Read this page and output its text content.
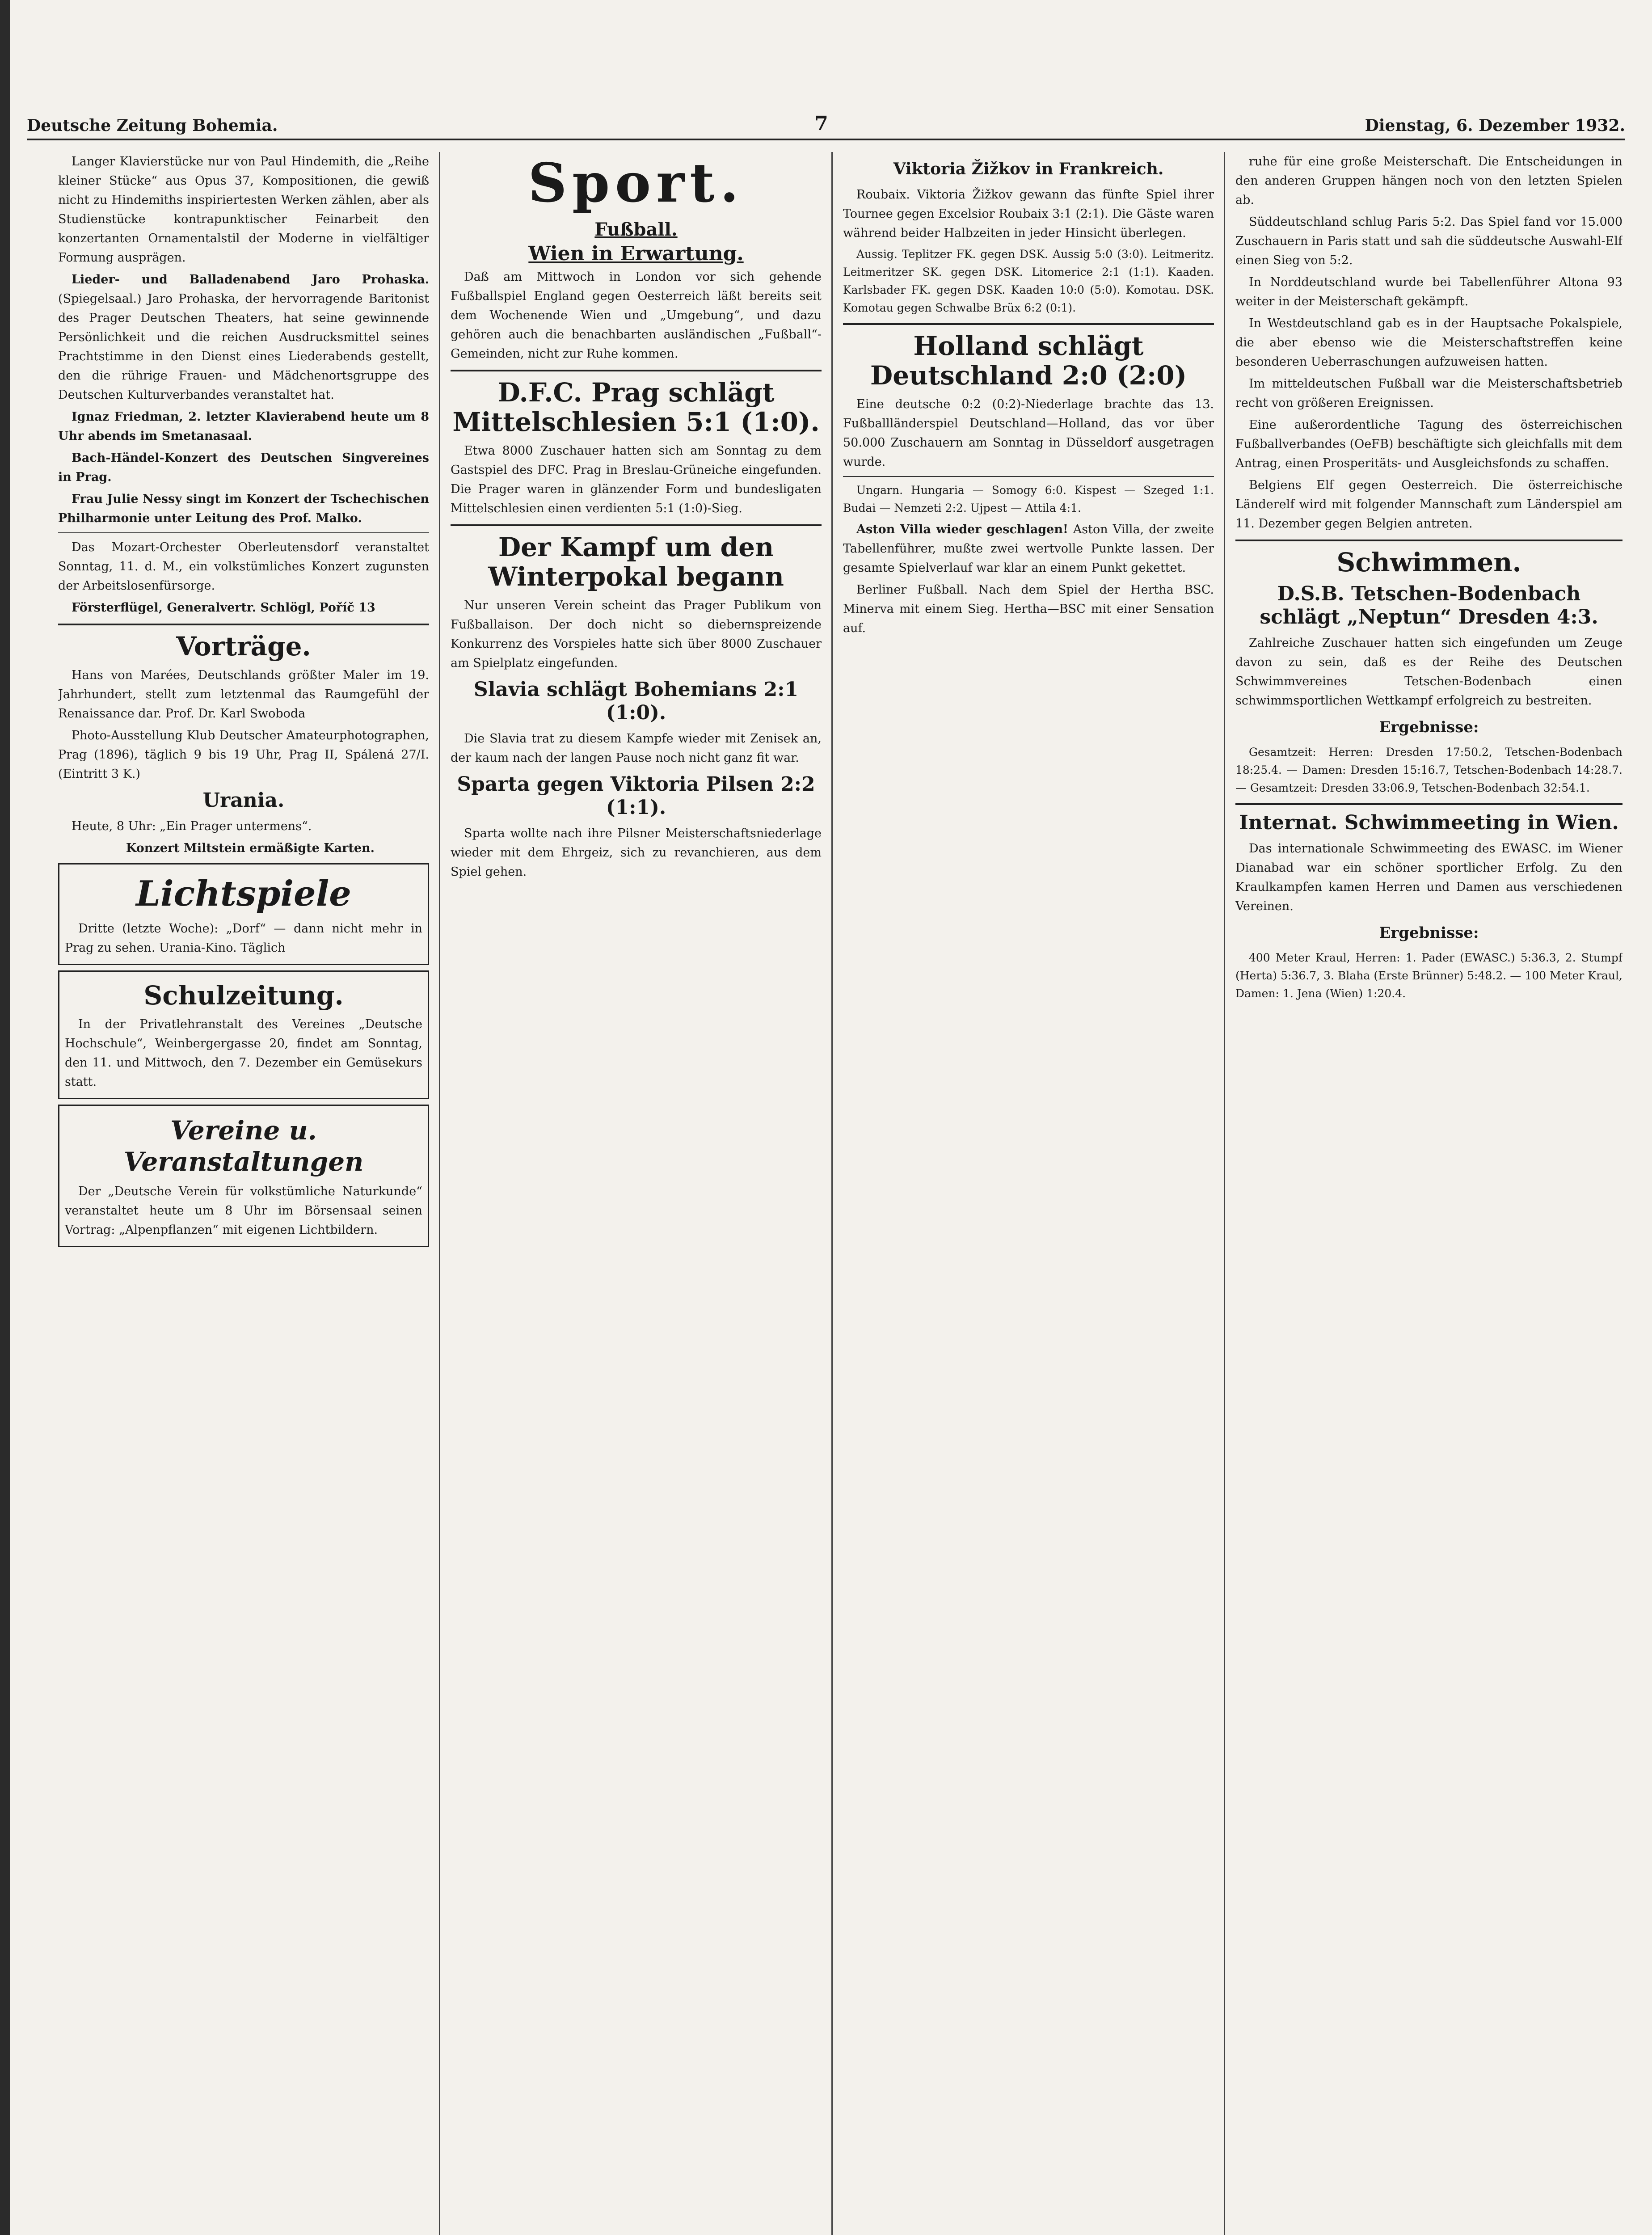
Deutsche Zeitung Bohemia.	7	Dienstag, 6. Dezember 1932.

Langer Klavierstücke nur von Paul Hindemith, die „Reihe kleiner Stücke“ aus Opus 37, Kompositionen, die gewiß nicht zu Hindemiths inspiriertesten Werken zählen, aber als Studienstücke kontrapunktischer Feinarbeit den konzertanten Ornamentalstil der Moderne in vielfältiger Formung ausprägen.

Lieder- und Balladenabend Jaro Prohaska. (Spiegelsaal.) Jaro Prohaska, der hervorragende Baritonist des Prager Deutschen Theaters, hat seine gewinnende Persönlichkeit und die reichen Ausdrucksmittel seines Prachtstimme in den Dienst eines Liederabends gestellt, den die rührige Frauen- und Mädchenortsgruppe des Deutschen Kulturverbandes veranstaltet hat.

Ignaz Friedman, 2. letzter Klavierabend heute um 8 Uhr abends im Smetanasaal.

Bach-Händel-Konzert des Deutschen Singvereines in Prag.

Frau Julie Nessy singt im Konzert der Tschechischen Philharmonie unter Leitung des Prof. Malko.

Das Mozart-Orchester Oberleutensdorf veranstaltet Sonntag, 11. d. M., ein volkstümliches Konzert zugunsten der Arbeitslosenfürsorge.

Försterflügel, Generalvertr. Schlögl, Poříč 13

Vorträge.

Hans von Marées, Deutschlands größter Maler im 19. Jahrhundert, stellt zum letztenmal das Raumgefühl der Renaissance dar. Prof. Dr. Karl Swoboda

Photo-Ausstellung Klub Deutscher Amateurphotographen, Prag (1896), täglich 9 bis 19 Uhr, Prag II, Spálená 27/I. (Eintritt 3 K.)

Urania.

Heute, 8 Uhr: „Ein Prager untermens“.

Konzert Miltstein ermäßigte Karten.

Lichtspiele

Dritte (letzte Woche): „Dorf“ — dann nicht mehr in Prag zu sehen. Urania-Kino. Täglich

Schulzeitung.

In der Privatlehranstalt des Vereines „Deutsche Hochschule“, Weinbergergasse 20, findet am Sonntag, den 11. und Mittwoch, den 7. Dezember ein Gemüsekurs statt.

Vereine u. Veranstaltungen

Der „Deutsche Verein für volkstümliche Naturkunde“ veranstaltet heute um 8 Uhr im Börsensaal seinen Vortrag: „Alpenpflanzen“ mit eigenen Lichtbildern.

Sport.
Fußball.
Wien in Erwartung.

Daß am Mittwoch in London vor sich gehende Fußballspiel England gegen Oesterreich läßt bereits seit dem Wochenende Wien und „Umgebung“, und dazu gehören auch die benachbarten ausländischen „Fußball“-Gemeinden, nicht zur Ruhe kommen.

D.F.C. Prag schlägt Mittelschlesien 5:1 (1:0).

Etwa 8000 Zuschauer hatten sich am Sonntag zu dem Gastspiel des DFC. Prag in Breslau-Grüneiche eingefunden. Die Prager waren in glänzender Form und bundesligaten Mittelschlesien einen verdienten 5:1 (1:0)-Sieg.

Der Kampf um den Winterpokal begann

Nur unseren Verein scheint das Prager Publikum von Fußballaison. Der doch nicht so diebernspreizende Konkurrenz des Vorspieles hatte sich über 8000 Zuschauer am Spielplatz eingefunden.

Slavia schlägt Bohemians 2:1 (1:0).

Die Slavia trat zu diesem Kampfe wieder mit Zenisek an, der kaum nach der langen Pause noch nicht ganz fit war.

Sparta gegen Viktoria Pilsen 2:2 (1:1).

Sparta wollte nach ihre Pilsner Meisterschaftsniederlage wieder mit dem Ehrgeiz, sich zu revanchieren, aus dem Spiel gehen.

Viktoria Žižkov in Frankreich.

Roubaix. Viktoria Žižkov gewann das fünfte Spiel ihrer Tournee gegen Excelsior Roubaix 3:1 (2:1). Die Gäste waren während beider Halbzeiten in jeder Hinsicht überlegen.

Aussig. Teplitzer FK. gegen DSK. Aussig 5:0 (3:0). Leitmeritz. Leitmeritzer SK. gegen DSK. Litomerice 2:1 (1:1). Kaaden. Karlsbader FK. gegen DSK. Kaaden 10:0 (5:0). Komotau. DSK. Komotau gegen Schwalbe Brüx 6:2 (0:1).

Holland schlägt Deutschland 2:0 (2:0)

Eine deutsche 0:2 (0:2)-Niederlage brachte das 13. Fußballländerspiel Deutschland—Holland, das vor über 50.000 Zuschauern am Sonntag in Düsseldorf ausgetragen wurde.

Ungarn. Hungaria — Somogy 6:0. Kispest — Szeged 1:1. Budai — Nemzeti 2:2. Ujpest — Attila 4:1.

Aston Villa wieder geschlagen! Aston Villa, der zweite Tabellenführer, mußte zwei wertvolle Punkte lassen. Der gesamte Spielverlauf war klar an einem Punkt gekettet.

Berliner Fußball. Nach dem Spiel der Hertha BSC. Minerva mit einem Sieg. Hertha—BSC mit einer Sensation auf.

ruhe für eine große Meisterschaft. Die Entscheidungen in den anderen Gruppen hängen noch von den letzten Spielen ab.

Süddeutschland schlug Paris 5:2. Das Spiel fand vor 15.000 Zuschauern in Paris statt und sah die süddeutsche Auswahl-Elf einen Sieg von 5:2.

In Norddeutschland wurde bei Tabellenführer Altona 93 weiter in der Meisterschaft gekämpft.

In Westdeutschland gab es in der Hauptsache Pokalspiele, die aber ebenso wie die Meisterschaftstreffen keine besonderen Ueberraschungen aufzuweisen hatten.

Im mitteldeutschen Fußball war die Meisterschaftsbetrieb recht von größeren Ereignissen.

Eine außerordentliche Tagung des österreichischen Fußballverbandes (OeFB) beschäftigte sich gleichfalls mit dem Antrag, einen Prosperitäts- und Ausgleichsfonds zu schaffen.

Belgiens Elf gegen Oesterreich. Die österreichische Länderelf wird mit folgender Mannschaft zum Länderspiel am 11. Dezember gegen Belgien antreten.

Schwimmen.
D.S.B. Tetschen-Bodenbach schlägt „Neptun“ Dresden 4:3.

Zahlreiche Zuschauer hatten sich eingefunden um Zeuge davon zu sein, daß es der Reihe des Deutschen Schwimmvereines Tetschen-Bodenbach einen schwimmsportlichen Wettkampf erfolgreich zu bestreiten.

Ergebnisse:

Gesamtzeit: Herren: Dresden 17:50.2, Tetschen-Bodenbach 18:25.4. — Damen: Dresden 15:16.7, Tetschen-Bodenbach 14:28.7. — Gesamtzeit: Dresden 33:06.9, Tetschen-Bodenbach 32:54.1.

Internat. Schwimmeeting in Wien.

Das internationale Schwimmeeting des EWASC. im Wiener Dianabad war ein schöner sportlicher Erfolg. Zu den Kraulkampfen kamen Herren und Damen aus verschiedenen Vereinen.

Ergebnisse:

400 Meter Kraul, Herren: 1. Pader (EWASC.) 5:36.3, 2. Stumpf (Herta) 5:36.7, 3. Blaha (Erste Brünner) 5:48.2. — 100 Meter Kraul, Damen: 1. Jena (Wien) 1:20.4.
